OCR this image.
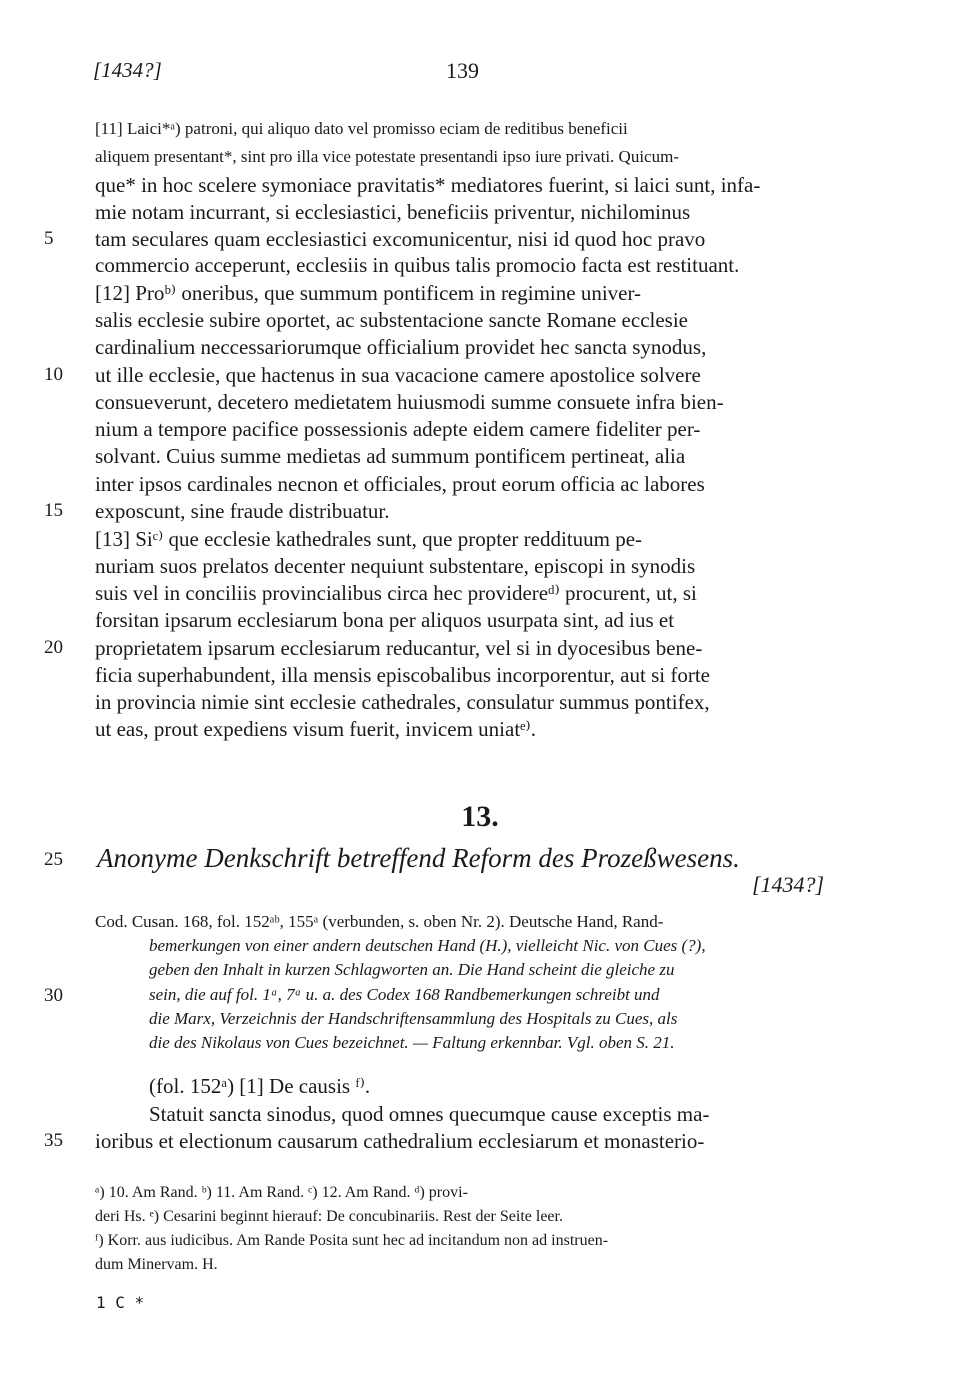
[1434?]	139
[11] Laici*ᵃ) patroni, qui aliquo dato vel promisso eciam de reditibus beneficii
aliquem presentant*, sint pro illa vice potestate presentandi ipso iure privati. Quicum-
que* in hoc scelere symoniace pravitatis* mediatores fuerint, si laici sunt, infa-
mie notam incurrant, si ecclesiastici, beneficiis priventur, nichilominus
tam seculares quam ecclesiastici excomunicentur, nisi id quod hoc pravo
commercio acceperunt, ecclesiis in quibus talis promocio facta est restituant.
[12] Proᵇ⁾ oneribus, que summum pontificem in regimine univer-
salis ecclesie subire oportet, ac substentacione sancte Romane ecclesie
cardinalium neccessariorumque officialium providet hec sancta synodus,
ut ille ecclesie, que hactenus in sua vacacione camere apostolice solvere
consueverunt, decetero medietatem huiusmodi summe consuete infra bien-
nium a tempore pacifice possessionis adepte eidem camere fideliter per-
solvant. Cuius summe medietas ad summum pontificem pertineat, alia
inter ipsos cardinales necnon et officiales, prout eorum officia ac labores
exposcunt, sine fraude distribuatur.
[13] Siᶜ⁾ que ecclesie kathedrales sunt, que propter reddituum pe-
nuriam suos prelatos decenter nequiunt substentare, episcopi in synodis
suis vel in conciliis provincialibus circa hec providereᵈ⁾ procurent, ut, si
forsitan ipsarum ecclesiarum bona per aliquos usurpata sint, ad ius et
proprietatem ipsarum ecclesiarum reducantur, vel si in dyocesibus bene-
ficia superhabundent, illa mensis episcobalibus incorporentur, aut si forte
in provincia nimie sint ecclesie cathedrales, consulatur summus pontifex,
ut eas, prout expediens visum fuerit, invicem uniatᵉ⁾.
5
10
15
20
25
30
35
13.
Anonyme Denkschrift betreffend Reform des Prozeßwesens.
[1434?]
Cod. Cusan. 168, fol. 152ᵃᵇ, 155ᵃ (verbunden, s. oben Nr. 2). Deutsche Hand, Rand-
bemerkungen von einer andern deutschen Hand (H.), vielleicht Nic. von Cues (?),
geben den Inhalt in kurzen Schlagworten an. Die Hand scheint die gleiche zu
sein, die auf fol. 1ᵃ, 7ᵃ u. a. des Codex 168 Randbemerkungen schreibt und
die Marx, Verzeichnis der Handschriftensammlung des Hospitals zu Cues, als
die des Nikolaus von Cues bezeichnet. — Faltung erkennbar. Vgl. oben S. 21.
(fol. 152ᵃ) [1] De causis ᶠ⁾.
Statuit sancta sinodus, quod omnes quecumque cause exceptis ma-
ioribus et electionum causarum cathedralium ecclesiarum et monasterio-
ᵃ) 10. Am Rand. ᵇ) 11. Am Rand. ᶜ) 12. Am Rand. ᵈ) provi-
deri Hs. ᵉ) Cesarini beginnt hierauf: De concubinariis. Rest der Seite leer.
ᶠ) Korr. aus iudicibus. Am Rande Posita sunt hec ad incitandum non ad instruen-
dum Minervam. H.
1 C *
